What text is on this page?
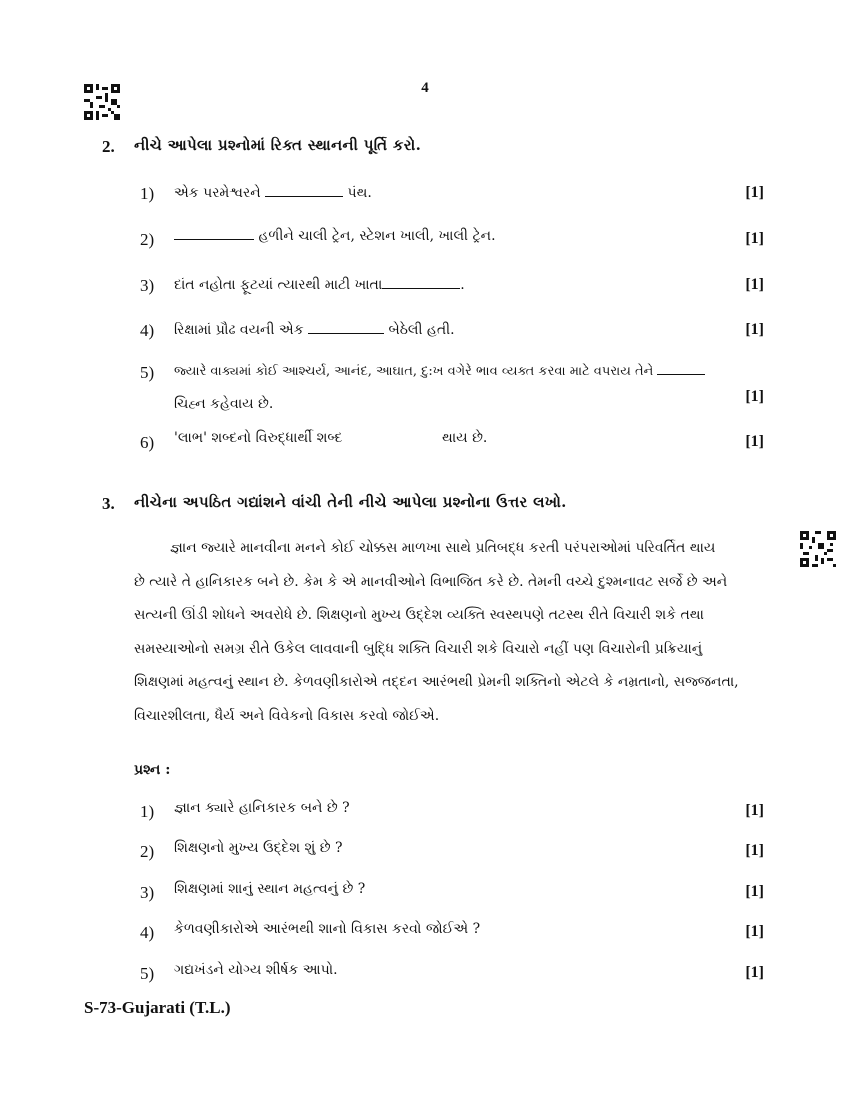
4
2. નીચે આપેલા પ્રશ્નોમાં રિક્ત સ્થાનની પૂર્તિ કરો.
1) એક પરમેશ્વરને	પંથ.	[1]
2)	હળીને ચાલી ટ્રેન, સ્ટેશન ખાલી, ખાલી ટ્રેન.	[1]
3) દાંત નહોતા ફૂટયાં ત્યારથી માટી ખાતા	.	[1]
4) રિક્ષામાં પ્રૌઢ વયની એક	બેઠેલી હતી.	[1]
5) જ્યારે વાક્યમાં કોઈ આશ્ચર્ય, આનંદ, આઘાત, દુ:ખ વગેરે ભાવ વ્યક્ત કરવા માટે વપરાય તેને
ચિહ્ન કહેવાય છે.	[1]
6) 'લાભ' શબ્દનો વિરુદ્ધાર્થી શબ્દ	થાય છે.	[1]
3. નીચેના અપઠિત ગદ્યાંશને વાંચી તેની નીચે આપેલા પ્રશ્નોના ઉત્તર લખો.
જ્ઞાન જ્યારે માનવીના મનને કોઈ ચોક્કસ માળખા સાથે પ્રતિબદ્ધ કરતી પરંપરાઓમાં પરિવર્તિત થાય
છે ત્યારે તે હાનિકારક બને છે. કેમ કે એ માનવીઓને વિભાજિત કરે છે. તેમની વચ્ચે દુશ્મનાવટ સર્જે છે અને
સત્યની ઊંડી શોધને અવરોધે છે. શિક્ષણનો મુખ્ય ઉદ્દેશ વ્યક્તિ સ્વસ્થપણે તટસ્થ રીતે વિચારી શકે તથા
સમસ્યાઓનો સમગ્ર રીતે ઉકેલ લાવવાની બુદ્ધિ શક્તિ વિચારી શકે વિચારો નહીં પણ વિચારોની પ્રક્રિયાનું
શિક્ષણમાં મહત્વનું સ્થાન છે. કેળવણીકારોએ તદ્દન આરંભથી પ્રેમની શક્તિનો એટલે કે નમ્રતાનો, સજ્જનતા,
વિચારશીલતા, ધૈર્ય અને વિવેકનો વિકાસ કરવો જોઈએ.
પ્રશ્ન :
1) જ્ઞાન ક્યારે હાનિકારક બને છે ?	[1]
2) શિક્ષણનો મુખ્ય ઉદ્દેશ શું છે ?	[1]
3) શિક્ષણમાં શાનું સ્થાન મહત્વનું છે ?	[1]
4) કેળવણીકારોએ આરંભથી શાનો વિકાસ કરવો જોઈએ ?	[1]
5) ગદ્યખંડને યોગ્ય શીર્ષક આપો.	[1]
S-73-Gujarati (T.L.)
